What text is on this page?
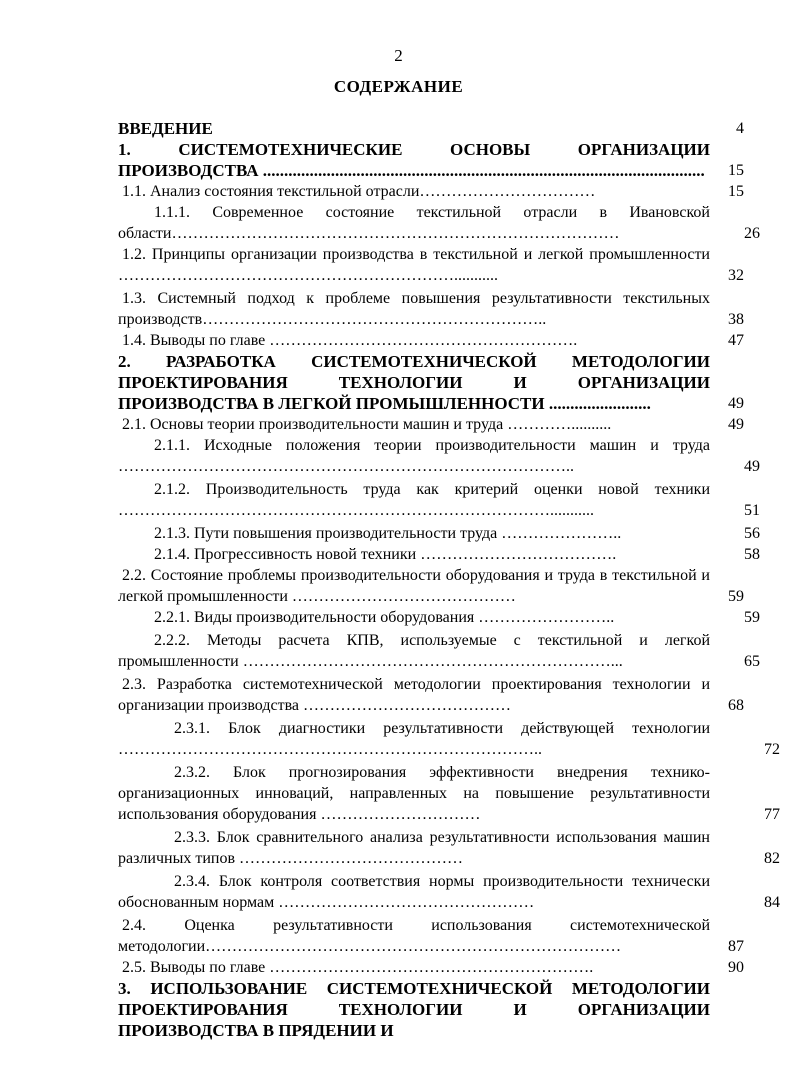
2
СОДЕРЖАНИЕ
ВВЕДЕНИЕ	4
1. СИСТЕМОТЕХНИЧЕСКИЕ ОСНОВЫ ОРГАНИЗАЦИИ ПРОИЗВОДСТВА ........................................................................................................	15
1.1. Анализ состояния текстильной отрасли……………………………	15
1.1.1. Современное состояние текстильной отрасли в Ивановской области…………………………………………………………………………	26
1.2. Принципы организации производства в текстильной и легкой промышленности ………………………………………………………...........	32
1.3. Системный подход к проблеме повышения результативности текстильных производств………………………………………………………..	38
1.4. Выводы по главе ………………………………………………….	47
2. РАЗРАБОТКА СИСТЕМОТЕХНИЧЕСКОЙ МЕТОДОЛОГИИ ПРОЕКТИРОВАНИЯ ТЕХНОЛОГИИ И ОРГАНИЗАЦИИ ПРОИЗВОДСТВА В ЛЕГКОЙ ПРОМЫШЛЕННОСТИ ........................	49
2.1. Основы теории производительности машин и труда …………..........	49
2.1.1. Исходные положения теории производительности машин и труда …………………………………………………………………………..	49
2.1.2. Производительность труда как критерий оценки новой техники ………………………………………………………………………...........	51
2.1.3. Пути повышения производительности труда …………………..	56
2.1.4. Прогрессивность новой техники ……………………………….	58
2.2. Состояние проблемы производительности оборудования и труда в текстильной и легкой промышленности ……………………………………	59
2.2.1. Виды производительности оборудования ……………………..	59
2.2.2. Методы расчета КПВ, используемые с текстильной и легкой промышленности ……………………………………………………………...	65
2.3. Разработка системотехнической методологии проектирования технологии и организации производства …………………………………	68
2.3.1. Блок диагностики результативности действующей технологии ……………………………………………………………………..	72
2.3.2. Блок прогнозирования эффективности внедрения технико-организационных инноваций, направленных на повышение результативности использования оборудования …………………………	77
2.3.3. Блок сравнительного анализа результативности использования машин различных типов ……………………………………	82
2.3.4. Блок контроля соответствия нормы производительности технически обоснованным нормам …………………………………………	84
2.4. Оценка результативности использования системотехнической методологии……………………………………………………………………	87
2.5. Выводы по главе …………………………………………………….	90
3. ИСПОЛЬЗОВАНИЕ СИСТЕМОТЕХНИЧЕСКОЙ МЕТОДОЛОГИИ ПРОЕКТИРОВАНИЯ ТЕХНОЛОГИИ И ОРГАНИЗАЦИИ ПРОИЗВОДСТВА В ПРЯДЕНИИ И
